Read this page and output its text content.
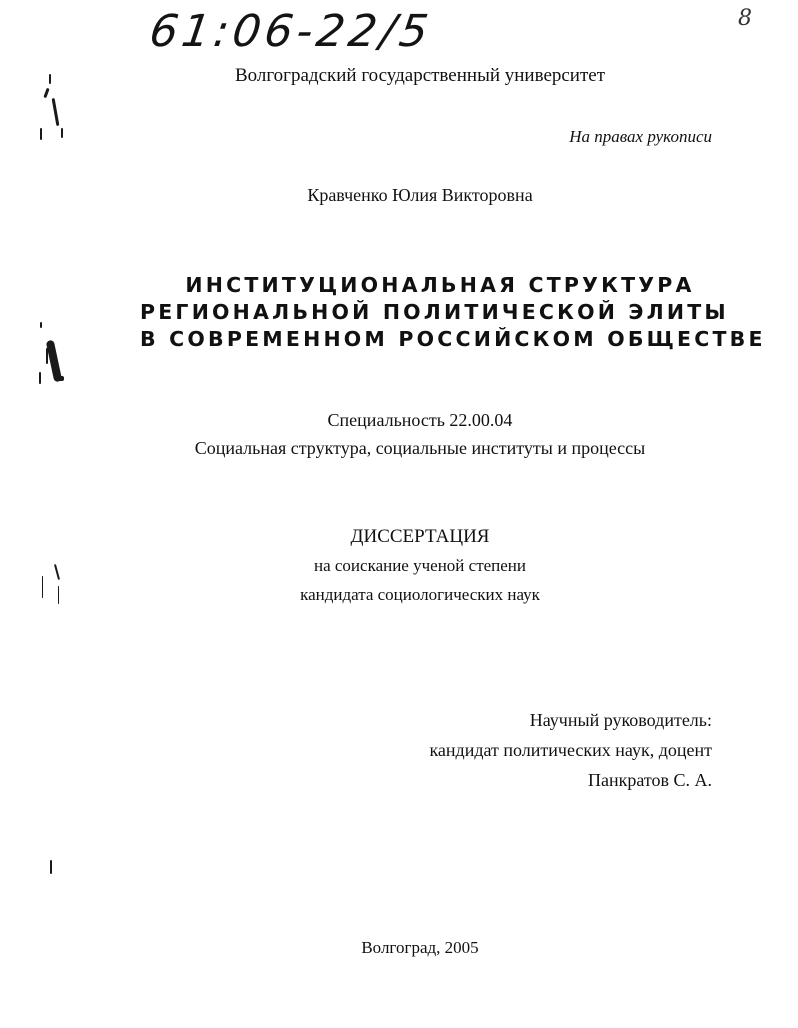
61:06-22/5	8
Волгоградский государственный университет
На правах рукописи
Кравченко Юлия Викторовна
ИНСТИТУЦИОНАЛЬНАЯ СТРУКТУРА
РЕГИОНАЛЬНОЙ ПОЛИТИЧЕСКОЙ ЭЛИТЫ
В СОВРЕМЕННОМ РОССИЙСКОМ ОБЩЕСТВЕ
Специальность 22.00.04
Социальная структура, социальные институты и процессы
ДИССЕРТАЦИЯ
на соискание ученой степени
кандидата социологических наук
Научный руководитель:
кандидат политических наук, доцент
Панкратов С. А.
Волгоград, 2005
